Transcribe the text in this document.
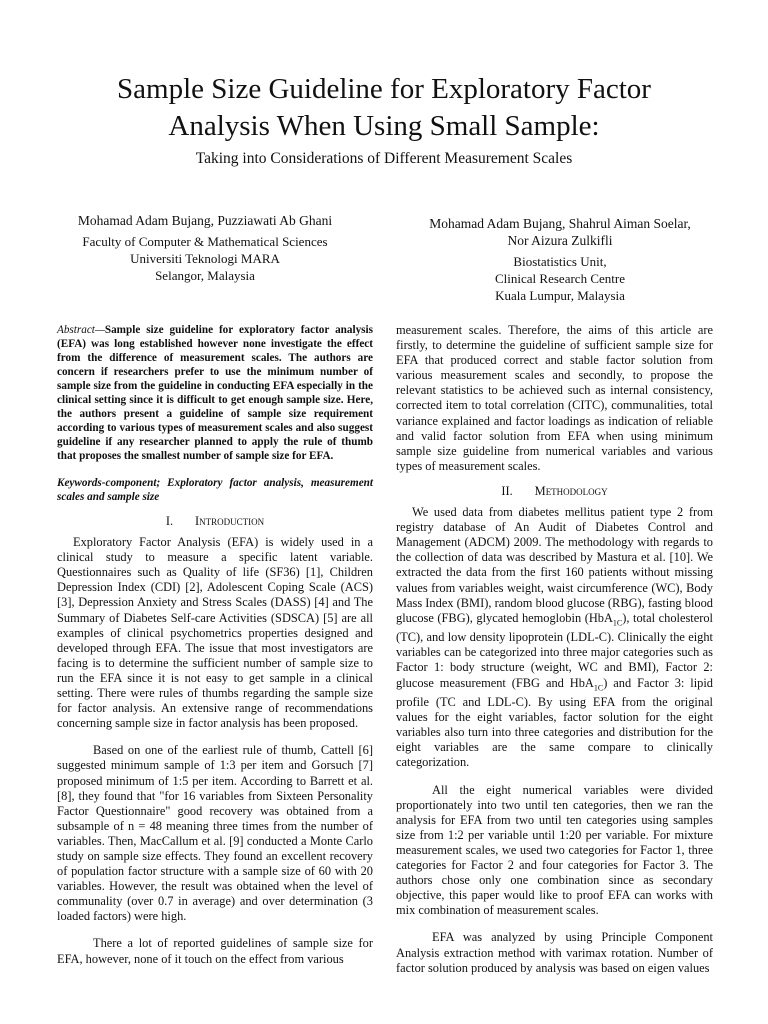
Sample Size Guideline for Exploratory Factor
Analysis When Using Small Sample:
Taking into Considerations of Different Measurement Scales
Mohamad Adam Bujang, Puzziawati Ab Ghani
Faculty of Computer & Mathematical Sciences
Universiti Teknologi MARA
Selangor, Malaysia
Mohamad Adam Bujang, Shahrul Aiman Soelar,
Nor Aizura Zulkifli
Biostatistics Unit,
Clinical Research Centre
Kuala Lumpur, Malaysia

Abstract—Sample size guideline for exploratory factor analysis (EFA) was long established however none investigate the effect from the difference of measurement scales. The authors are concern if researchers prefer to use the minimum number of sample size from the guideline in conducting EFA especially in the clinical setting since it is difficult to get enough sample size. Here, the authors present a guideline of sample size requirement according to various types of measurement scales and also suggest guideline if any researcher planned to apply the rule of thumb that proposes the smallest number of sample size for EFA.

Keywords-component; Exploratory factor analysis, measurement scales and sample size

I. Introduction

Exploratory Factor Analysis (EFA) is widely used in a clinical study to measure a specific latent variable. Questionnaires such as Quality of life (SF36) [1], Children Depression Index (CDI) [2], Adolescent Coping Scale (ACS) [3], Depression Anxiety and Stress Scales (DASS) [4] and The Summary of Diabetes Self-care Activities (SDSCA) [5] are all examples of clinical psychometrics properties designed and developed through EFA. The issue that most investigators are facing is to determine the sufficient number of sample size to run the EFA since it is not easy to get sample in a clinical setting. There were rules of thumbs regarding the sample size for factor analysis. An extensive range of recommendations concerning sample size in factor analysis has been proposed.

Based on one of the earliest rule of thumb, Cattell [6] suggested minimum sample of 1:3 per item and Gorsuch [7] proposed minimum of 1:5 per item. According to Barrett et al. [8], they found that "for 16 variables from Sixteen Personality Factor Questionnaire" good recovery was obtained from a subsample of n = 48 meaning three times from the number of variables. Then, MacCallum et al. [9] conducted a Monte Carlo study on sample size effects. They found an excellent recovery of population factor structure with a sample size of 60 with 20 variables. However, the result was obtained when the level of communality (over 0.7 in average) and over determination (3 loaded factors) were high.

There a lot of reported guidelines of sample size for EFA, however, none of it touch on the effect from various

measurement scales. Therefore, the aims of this article are firstly, to determine the guideline of sufficient sample size for EFA that produced correct and stable factor solution from various measurement scales and secondly, to propose the relevant statistics to be achieved such as internal consistency, corrected item to total correlation (CITC), communalities, total variance explained and factor loadings as indication of reliable and valid factor solution from EFA when using minimum sample size guideline from numerical variables and various types of measurement scales.

II. Methodology

We used data from diabetes mellitus patient type 2 from registry database of An Audit of Diabetes Control and Management (ADCM) 2009. The methodology with regards to the collection of data was described by Mastura et al. [10]. We extracted the data from the first 160 patients without missing values from variables weight, waist circumference (WC), Body Mass Index (BMI), random blood glucose (RBG), fasting blood glucose (FBG), glycated hemoglobin (HbA$_{1C}$), total cholesterol (TC), and low density lipoprotein (LDL-C). Clinically the eight variables can be categorized into three major categories such as Factor 1: body structure (weight, WC and BMI), Factor 2: glucose measurement (FBG and HbA$_{1C}$) and Factor 3: lipid profile (TC and LDL-C). By using EFA from the original values for the eight variables, factor solution for the eight variables also turn into three categories and distribution for the eight variables are the same compare to clinically categorization.

All the eight numerical variables were divided proportionately into two until ten categories, then we ran the analysis for EFA from two until ten categories using samples size from 1:2 per variable until 1:20 per variable. For mixture measurement scales, we used two categories for Factor 1, three categories for Factor 2 and four categories for Factor 3. The authors chose only one combination since as secondary objective, this paper would like to proof EFA can works with mix combination of measurement scales.

EFA was analyzed by using Principle Component Analysis extraction method with varimax rotation. Number of factor solution produced by analysis was based on eigen values
